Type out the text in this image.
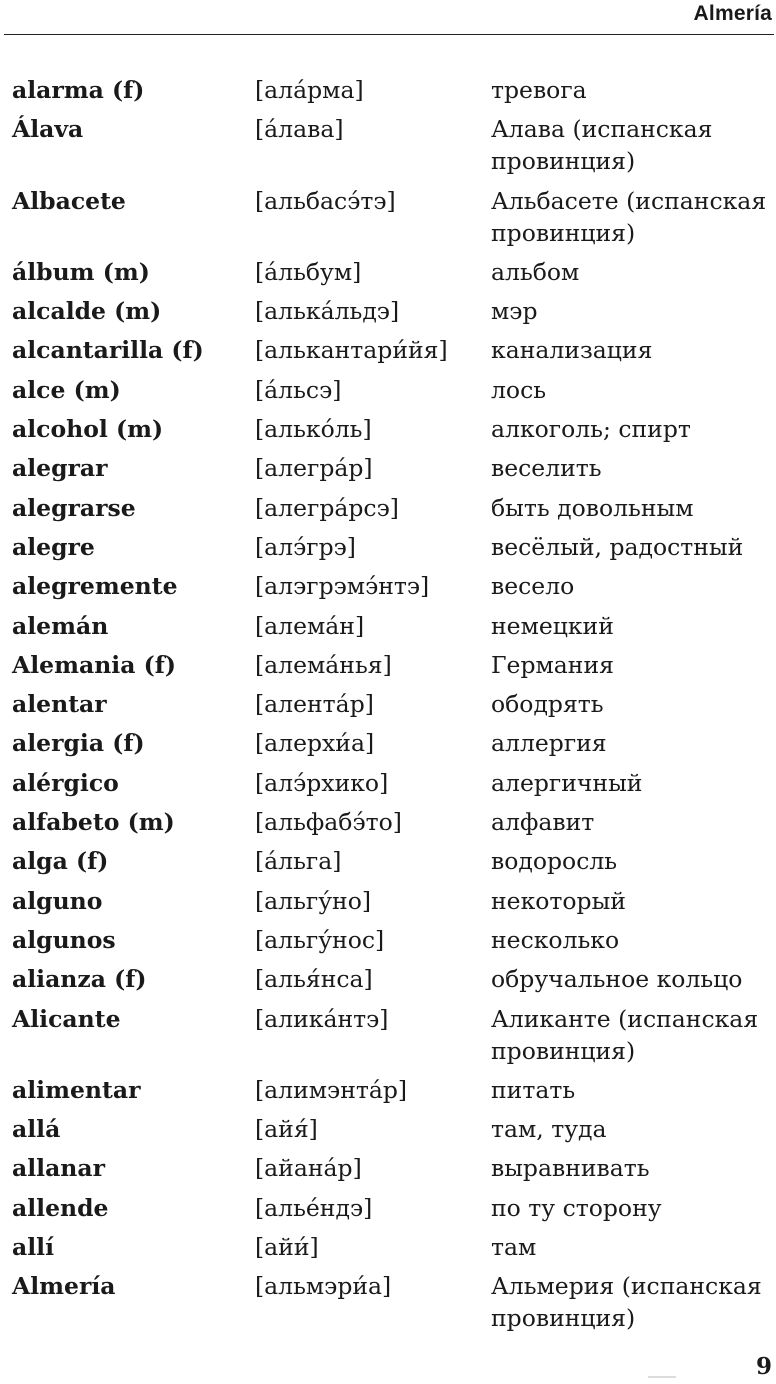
Almería
alarma (f)	[ала́рма]	тревога
Álava	[а́лава]	Алава (испанская провинция)
Albacete	[альбасэ́тэ]	Альбасете (испанская провинция)
álbum (m)	[а́льбум]	альбом
alcalde (m)	[алька́льдэ]	мэр
alcantarilla (f)	[алькантари́йя]	канализация
alce (m)	[а́льсэ]	лось
alcohol (m)	[алько́ль]	алкоголь; спирт
alegrar	[алегра́р]	веселить
alegrarse	[алегра́рсэ]	быть довольным
alegre	[алэ́грэ]	весёлый, радостный
alegremente	[алэгрэмэ́нтэ]	весело
alemán	[алема́н]	немецкий
Alemania (f)	[алема́нья]	Германия
alentar	[алента́р]	ободрять
alergia (f)	[алерхи́а]	аллергия
alérgico	[алэ́рхико]	алергичный
alfabeto (m)	[альфабэ́то]	алфавит
alga (f)	[а́льга]	водоросль
alguno	[альгу́но]	некоторый
algunos	[альгу́нос]	несколько
alianza (f)	[алья́нса]	обручальное кольцо
Alicante	[алика́нтэ]	Аликанте (испанская провинция)
alimentar	[алимэнта́р]	питать
allá	[айя́]	там, туда
allanar	[айана́р]	выравнивать
allende	[алье́ндэ]	по ту сторону
allí	[айи́]	там
Almería	[альмэри́а]	Альмерия (испанская провинция)
9
